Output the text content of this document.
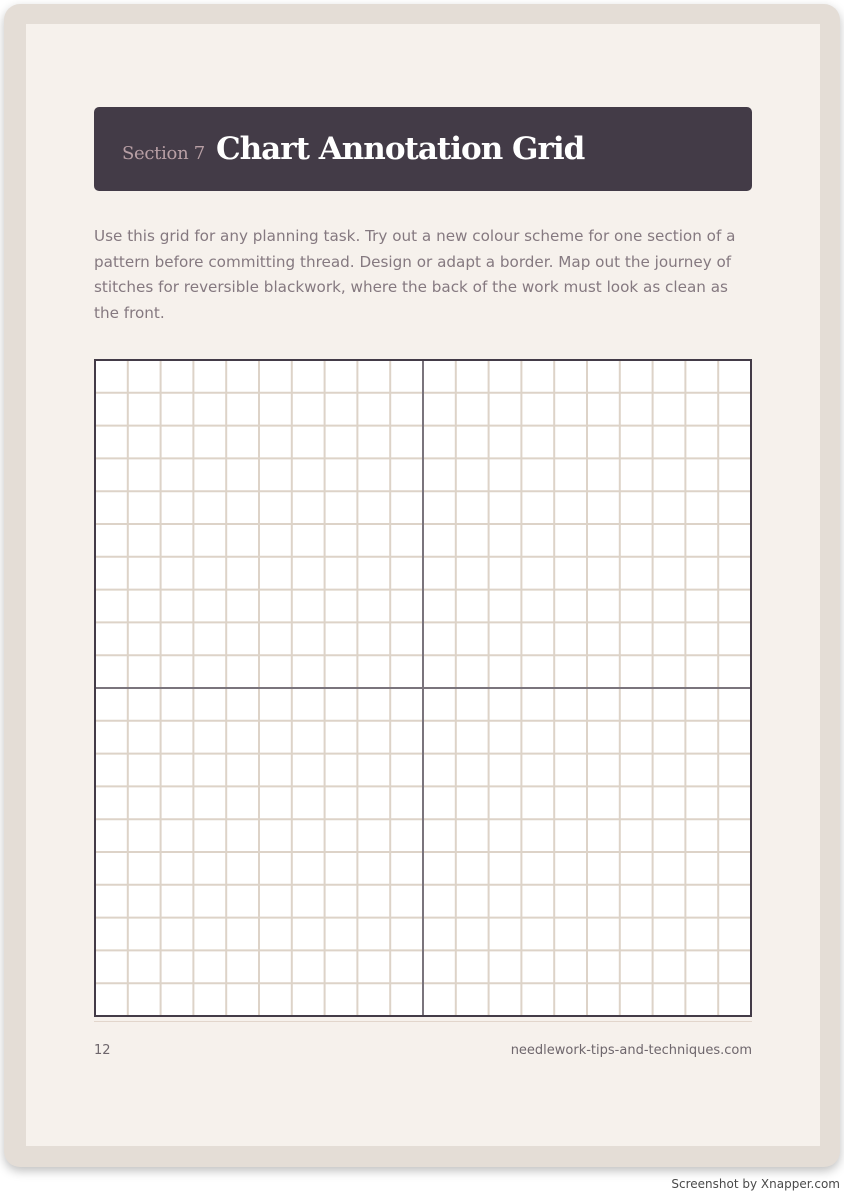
Section 7 Chart Annotation Grid

Use this grid for any planning task. Try out a new colour scheme for one section of a pattern before committing thread. Design or adapt a border. Map out the journey of stitches for reversible blackwork, where the back of the work must look as clean as the front.

12	needlework-tips-and-techniques.com
Screenshot by Xnapper.com
